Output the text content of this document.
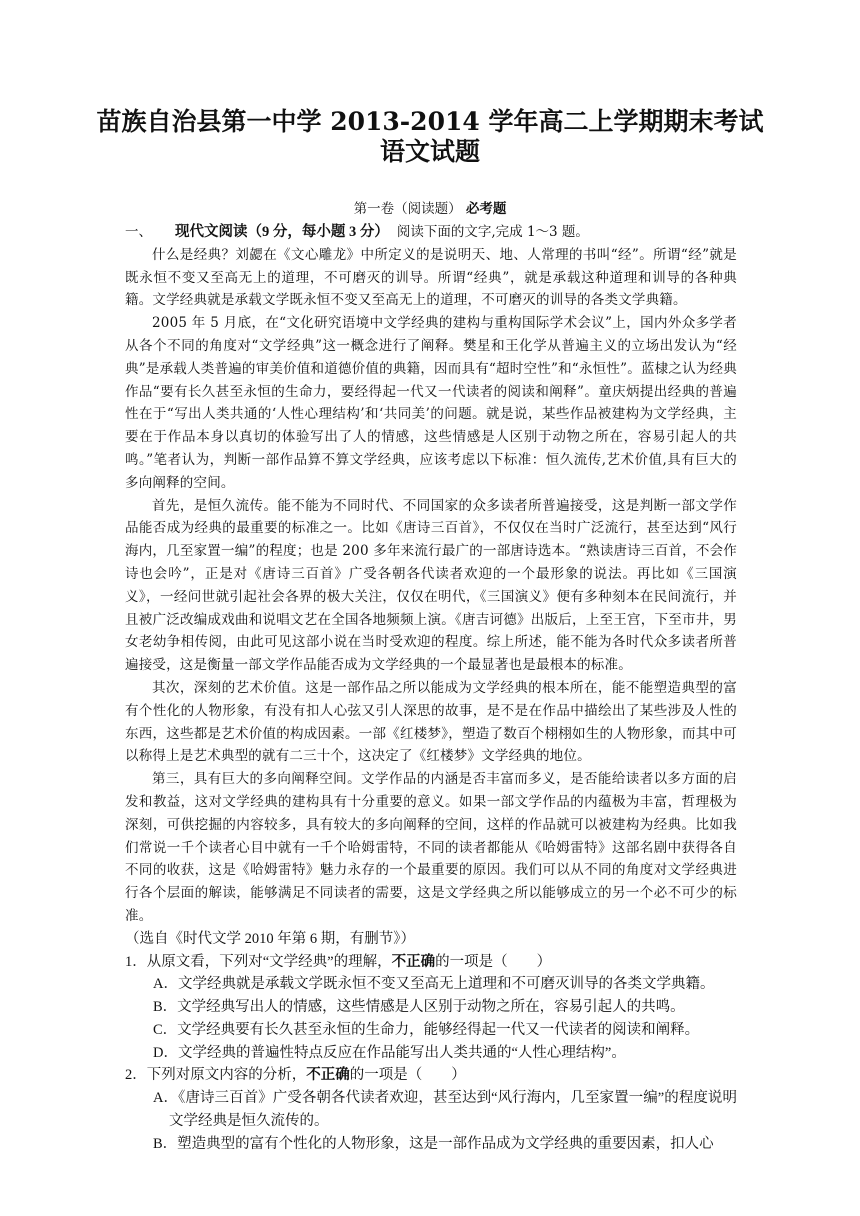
苗族自治县第一中学 2013-2014 学年高二上学期期末考试
语文试题
第一卷（阅读题） 必考题

一、	现代文阅读（9 分，每小题 3 分） 阅读下面的文字,完成 1～3 题。

什么是经典？刘勰在《文心雕龙》中所定义的是说明天、地、人常理的书叫“经”。所谓“经”就是既永恒不变又至高无上的道理，不可磨灭的训导。所谓“经典”，就是承载这种道理和训导的各种典籍。文学经典就是承载文学既永恒不变又至高无上的道理，不可磨灭的训导的各类文学典籍。

2005 年 5 月底，在“文化研究语境中文学经典的建构与重构国际学术会议”上，国内外众多学者从各个不同的角度对“文学经典”这一概念进行了阐释。樊星和王化学从普遍主义的立场出发认为“经典”是承载人类普遍的审美价值和道德价值的典籍，因而具有“超时空性”和“永恒性”。蓝棣之认为经典作品“要有长久甚至永恒的生命力，要经得起一代又一代读者的阅读和阐释”。童庆炳提出经典的普遍性在于“写出人类共通的‘人性心理结构’和‘共同美’的问题。就是说，某些作品被建构为文学经典，主要在于作品本身以真切的体验写出了人的情感，这些情感是人区别于动物之所在，容易引起人的共鸣。”笔者认为，判断一部作品算不算文学经典，应该考虑以下标准：恒久流传,艺术价值,具有巨大的多向阐释的空间。

首先，是恒久流传。能不能为不同时代、不同国家的众多读者所普遍接受，这是判断一部文学作品能否成为经典的最重要的标准之一。比如《唐诗三百首》，不仅仅在当时广泛流行，甚至达到“风行海内，几至家置一编”的程度；也是 200 多年来流行最广的一部唐诗选本。“熟读唐诗三百首，不会作诗也会吟”，正是对《唐诗三百首》广受各朝各代读者欢迎的一个最形象的说法。再比如《三国演义》，一经问世就引起社会各界的极大关注，仅仅在明代，《三国演义》便有多种刻本在民间流行，并且被广泛改编成戏曲和说唱文艺在全国各地频频上演。《唐吉诃德》出版后，上至王宫，下至市井，男女老幼争相传阅，由此可见这部小说在当时受欢迎的程度。综上所述，能不能为各时代众多读者所普遍接受，这是衡量一部文学作品能否成为文学经典的一个最显著也是最根本的标准。

其次，深刻的艺术价值。这是一部作品之所以能成为文学经典的根本所在，能不能塑造典型的富有个性化的人物形象，有没有扣人心弦又引人深思的故事，是不是在作品中描绘出了某些涉及人性的东西，这些都是艺术价值的构成因素。一部《红楼梦》，塑造了数百个栩栩如生的人物形象，而其中可以称得上是艺术典型的就有二三十个，这决定了《红楼梦》文学经典的地位。

第三，具有巨大的多向阐释空间。文学作品的内涵是否丰富而多义，是否能给读者以多方面的启发和教益，这对文学经典的建构具有十分重要的意义。如果一部文学作品的内蕴极为丰富，哲理极为深刻，可供挖掘的内容较多，具有较大的多向阐释的空间，这样的作品就可以被建构为经典。比如我们常说一千个读者心目中就有一千个哈姆雷特，不同的读者都能从《哈姆雷特》这部名剧中获得各自不同的收获，这是《哈姆雷特》魅力永存的一个最重要的原因。我们可以从不同的角度对文学经典进行各个层面的解读，能够满足不同读者的需要，这是文学经典之所以能够成立的另一个必不可少的标准。

（选自《时代文学 2010 年第 6 期，有删节》）

1．从原文看，下列对“文学经典”的理解，不正确的一项是（　　）

A．文学经典就是承载文学既永恒不变又至高无上道理和不可磨灭训导的各类文学典籍。

B．文学经典写出人的情感，这些情感是人区别于动物之所在，容易引起人的共鸣。

C．文学经典要有长久甚至永恒的生命力，能够经得起一代又一代读者的阅读和阐释。

D．文学经典的普遍性特点反应在作品能写出人类共通的“人性心理结构”。

2．下列对原文内容的分析，不正确的一项是（　　）

A．《唐诗三百首》广受各朝各代读者欢迎，甚至达到“风行海内，几至家置一编”的程度说明文学经典是恒久流传的。

B．塑造典型的富有个性化的人物形象，这是一部作品成为文学经典的重要因素，扣人心
